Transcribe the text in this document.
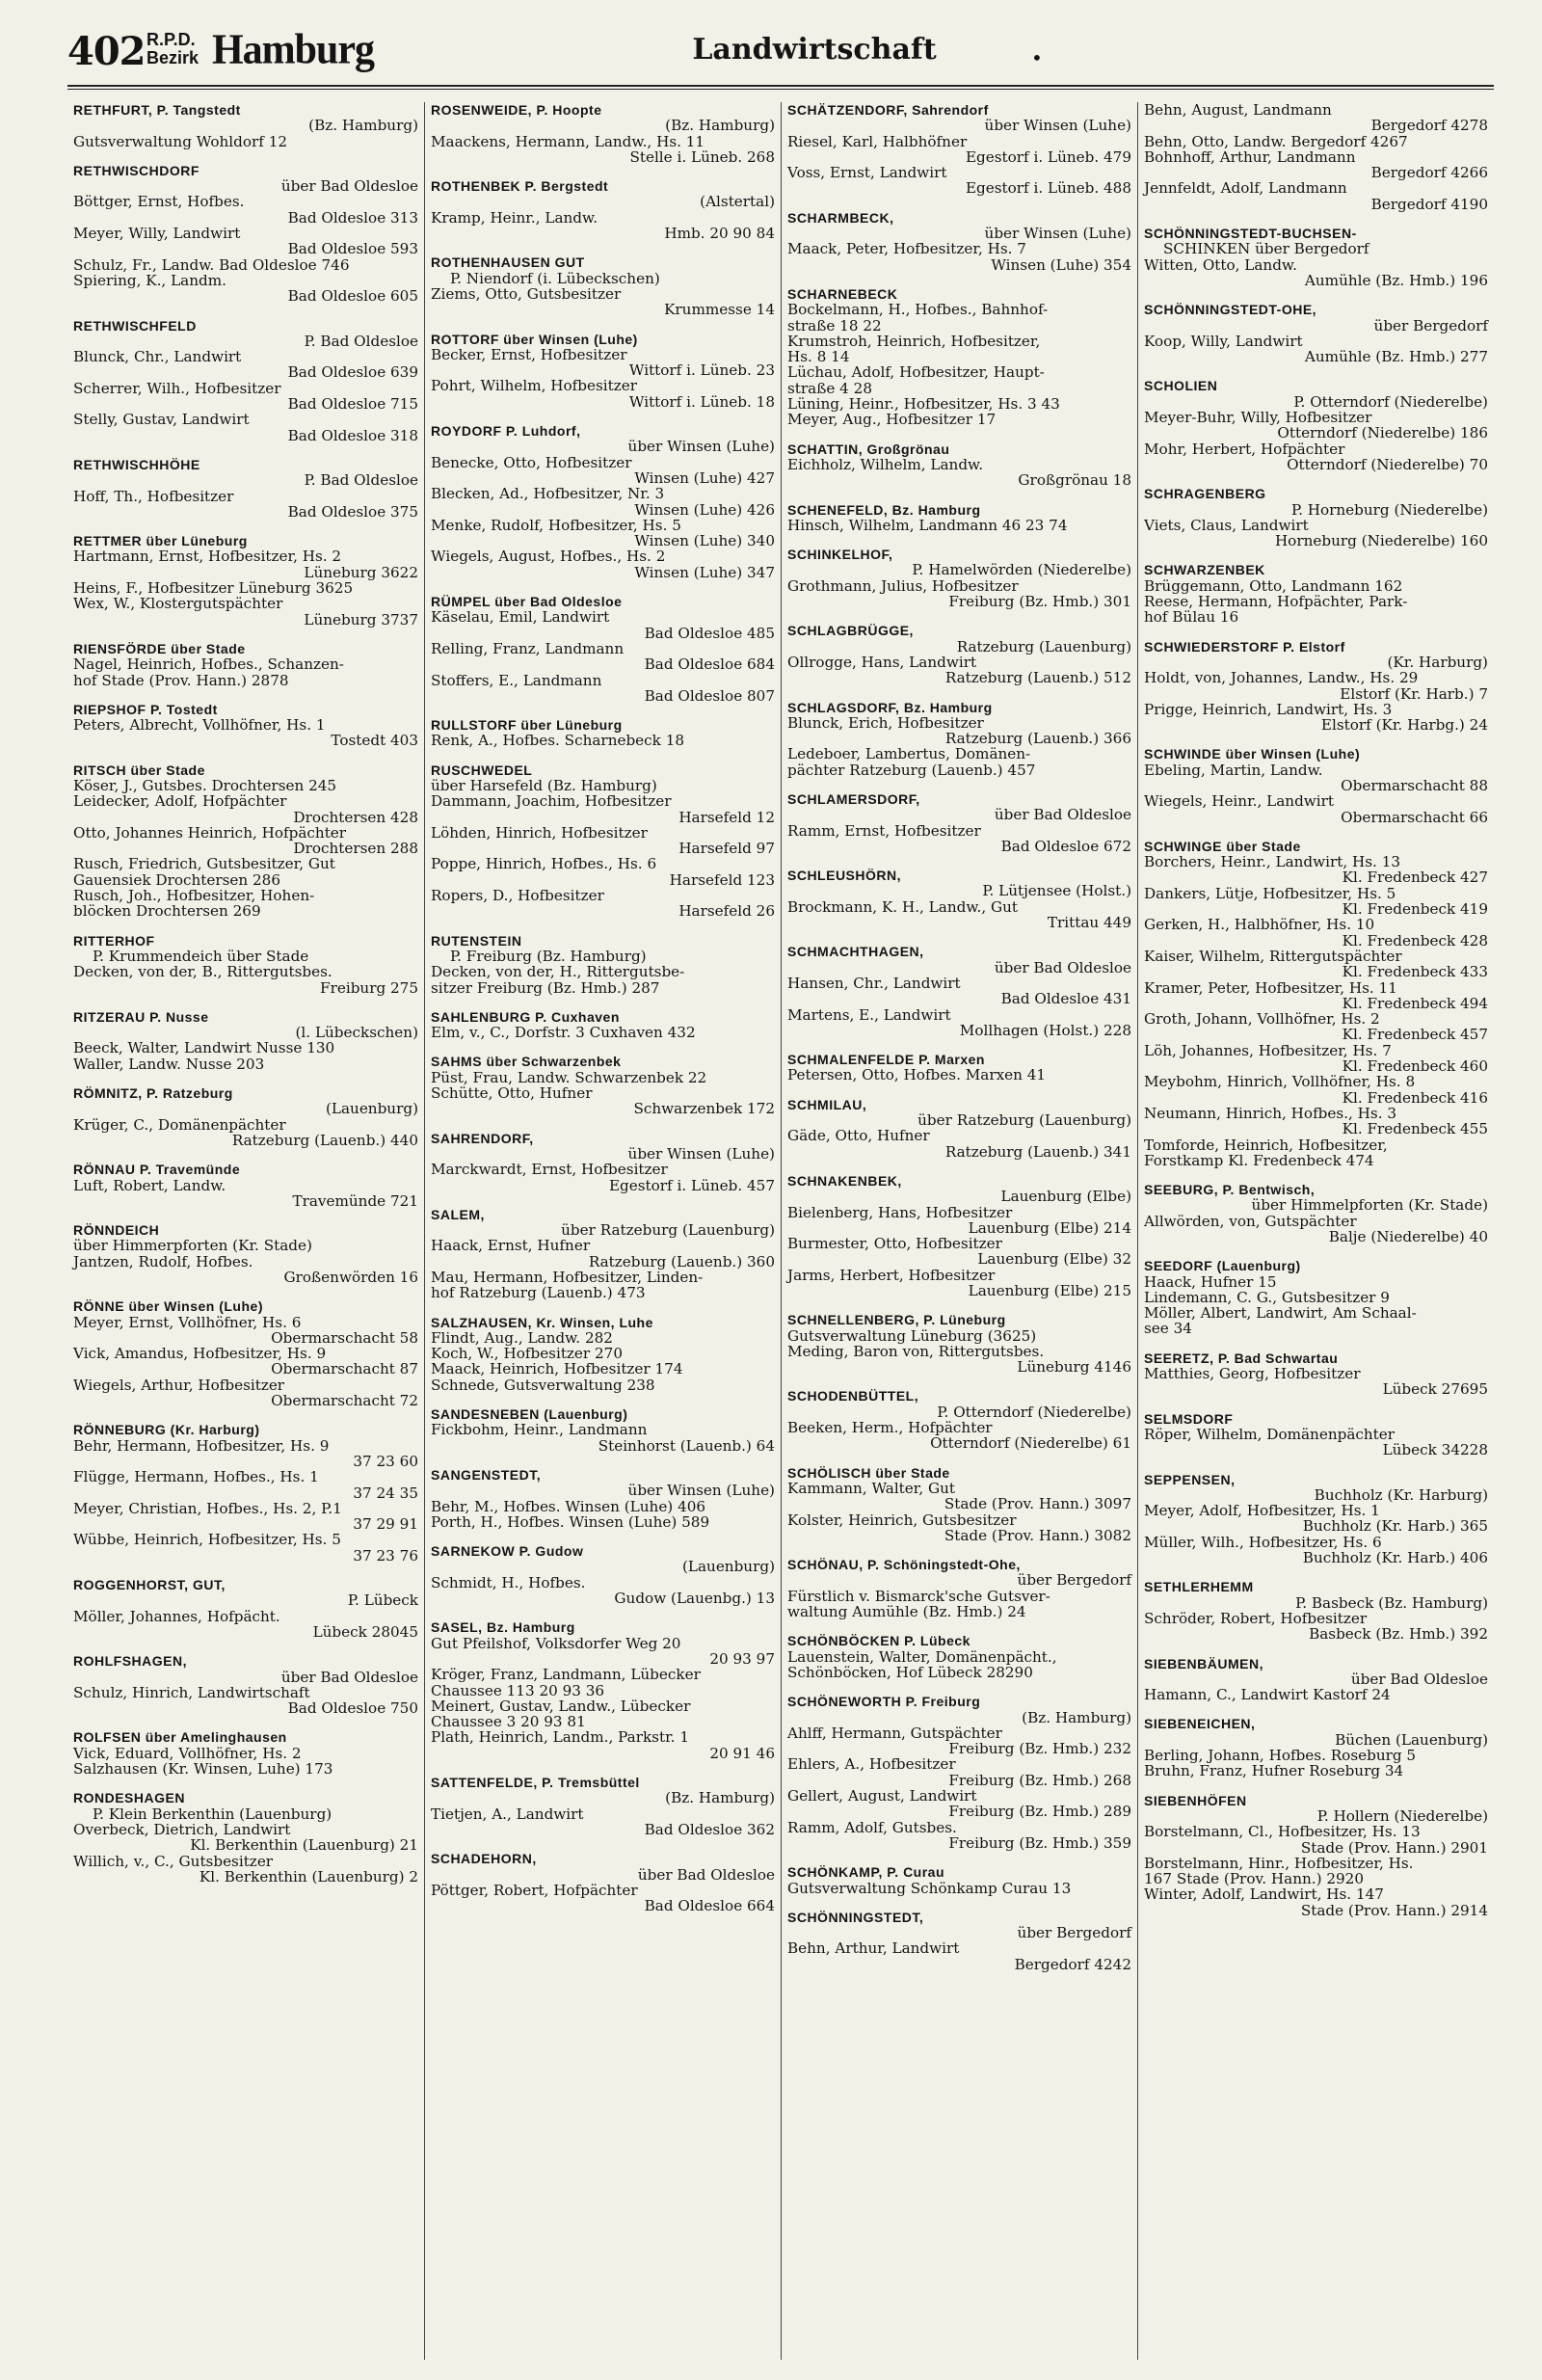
402 R.P.D.
Bezirk Hamburg	Landwirtschaft	•
RETHFURT, P. Tangstedt
(Bz. Hamburg)
Gutsverwaltung Wohldorf 12
RETHWISCHDORF
über Bad Oldesloe
Böttger, Ernst, Hofbes.
Bad Oldesloe 313
Meyer, Willy, Landwirt
Bad Oldesloe 593
Schulz, Fr., Landw. Bad Oldesloe 746
Spiering, K., Landm.
Bad Oldesloe 605
RETHWISCHFELD
P. Bad Oldesloe
Blunck, Chr., Landwirt
Bad Oldesloe 639
Scherrer, Wilh., Hofbesitzer
Bad Oldesloe 715
Stelly, Gustav, Landwirt
Bad Oldesloe 318
RETHWISCHHÖHE
P. Bad Oldesloe
Hoff, Th., Hofbesitzer
Bad Oldesloe 375
RETTMER über Lüneburg
Hartmann, Ernst, Hofbesitzer, Hs. 2
Lüneburg 3622
Heins, F., Hofbesitzer Lüneburg 3625
Wex, W., Klostergutspächter
Lüneburg 3737
RIENSFÖRDE über Stade
Nagel, Heinrich, Hofbes., Schanzen-
hof Stade (Prov. Hann.) 2878
RIEPSHOF P. Tostedt
Peters, Albrecht, Vollhöfner, Hs. 1
Tostedt 403
RITSCH über Stade
Köser, J., Gutsbes. Drochtersen 245
Leidecker, Adolf, Hofpächter
Drochtersen 428
Otto, Johannes Heinrich, Hofpächter
Drochtersen 288
Rusch, Friedrich, Gutsbesitzer, Gut
Gauensiek Drochtersen 286
Rusch, Joh., Hofbesitzer, Hohen-
blöcken Drochtersen 269
RITTERHOF
P. Krummendeich über Stade
Decken, von der, B., Rittergutsbes.
Freiburg 275
RITZERAU P. Nusse
(l. Lübeckschen)
Beeck, Walter, Landwirt Nusse 130
Waller, Landw. Nusse 203
RÖMNITZ, P. Ratzeburg
(Lauenburg)
Krüger, C., Domänenpächter
Ratzeburg (Lauenb.) 440
RÖNNAU P. Travemünde
Luft, Robert, Landw.
Travemünde 721
RÖNNDEICH
über Himmerpforten (Kr. Stade)
Jantzen, Rudolf, Hofbes.
Großenwörden 16
RÖNNE über Winsen (Luhe)
Meyer, Ernst, Vollhöfner, Hs. 6
Obermarschacht 58
Vick, Amandus, Hofbesitzer, Hs. 9
Obermarschacht 87
Wiegels, Arthur, Hofbesitzer
Obermarschacht 72
RÖNNEBURG (Kr. Harburg)
Behr, Hermann, Hofbesitzer, Hs. 9
37 23 60
Flügge, Hermann, Hofbes., Hs. 1
37 24 35
Meyer, Christian, Hofbes., Hs. 2, P.1
37 29 91
Wübbe, Heinrich, Hofbesitzer, Hs. 5
37 23 76
ROGGENHORST, GUT,
P. Lübeck
Möller, Johannes, Hofpächt.
Lübeck 28045
ROHLFSHAGEN,
über Bad Oldesloe
Schulz, Hinrich, Landwirtschaft
Bad Oldesloe 750
ROLFSEN über Amelinghausen
Vick, Eduard, Vollhöfner, Hs. 2
Salzhausen (Kr. Winsen, Luhe) 173
RONDESHAGEN
P. Klein Berkenthin (Lauenburg)
Overbeck, Dietrich, Landwirt
Kl. Berkenthin (Lauenburg) 21
Willich, v., C., Gutsbesitzer
Kl. Berkenthin (Lauenburg) 2
ROSENWEIDE, P. Hoopte
(Bz. Hamburg)
Maackens, Hermann, Landw., Hs. 11
Stelle i. Lüneb. 268
ROTHENBEK P. Bergstedt
(Alstertal)
Kramp, Heinr., Landw.
Hmb. 20 90 84
ROTHENHAUSEN GUT
P. Niendorf (i. Lübeckschen)
Ziems, Otto, Gutsbesitzer
Krummesse 14
ROTTORF über Winsen (Luhe)
Becker, Ernst, Hofbesitzer
Wittorf i. Lüneb. 23
Pohrt, Wilhelm, Hofbesitzer
Wittorf i. Lüneb. 18
ROYDORF P. Luhdorf,
über Winsen (Luhe)
Benecke, Otto, Hofbesitzer
Winsen (Luhe) 427
Blecken, Ad., Hofbesitzer, Nr. 3
Winsen (Luhe) 426
Menke, Rudolf, Hofbesitzer, Hs. 5
Winsen (Luhe) 340
Wiegels, August, Hofbes., Hs. 2
Winsen (Luhe) 347
RÜMPEL über Bad Oldesloe
Käselau, Emil, Landwirt
Bad Oldesloe 485
Relling, Franz, Landmann
Bad Oldesloe 684
Stoffers, E., Landmann
Bad Oldesloe 807
RULLSTORF über Lüneburg
Renk, A., Hofbes. Scharnebeck 18
RUSCHWEDEL
über Harsefeld (Bz. Hamburg)
Dammann, Joachim, Hofbesitzer
Harsefeld 12
Löhden, Hinrich, Hofbesitzer
Harsefeld 97
Poppe, Hinrich, Hofbes., Hs. 6
Harsefeld 123
Ropers, D., Hofbesitzer
Harsefeld 26
RUTENSTEIN
P. Freiburg (Bz. Hamburg)
Decken, von der, H., Rittergutsbe-
sitzer Freiburg (Bz. Hmb.) 287
SAHLENBURG P. Cuxhaven
Elm, v., C., Dorfstr. 3 Cuxhaven 432
SAHMS über Schwarzenbek
Püst, Frau, Landw. Schwarzenbek 22
Schütte, Otto, Hufner
Schwarzenbek 172
SAHRENDORF,
über Winsen (Luhe)
Marckwardt, Ernst, Hofbesitzer
Egestorf i. Lüneb. 457
SALEM,
über Ratzeburg (Lauenburg)
Haack, Ernst, Hufner
Ratzeburg (Lauenb.) 360
Mau, Hermann, Hofbesitzer, Linden-
hof Ratzeburg (Lauenb.) 473
SALZHAUSEN, Kr. Winsen, Luhe
Flindt, Aug., Landw. 282
Koch, W., Hofbesitzer 270
Maack, Heinrich, Hofbesitzer 174
Schnede, Gutsverwaltung 238
SANDESNEBEN (Lauenburg)
Fickbohm, Heinr., Landmann
Steinhorst (Lauenb.) 64
SANGENSTEDT,
über Winsen (Luhe)
Behr, M., Hofbes. Winsen (Luhe) 406
Porth, H., Hofbes. Winsen (Luhe) 589
SARNEKOW P. Gudow
(Lauenburg)
Schmidt, H., Hofbes.
Gudow (Lauenbg.) 13
SASEL, Bz. Hamburg
Gut Pfeilshof, Volksdorfer Weg 20
20 93 97
Kröger, Franz, Landmann, Lübecker
Chaussee 113 20 93 36
Meinert, Gustav, Landw., Lübecker
Chaussee 3 20 93 81
Plath, Heinrich, Landm., Parkstr. 1
20 91 46
SATTENFELDE, P. Tremsbüttel
(Bz. Hamburg)
Tietjen, A., Landwirt
Bad Oldesloe 362
SCHADEHORN,
über Bad Oldesloe
Pöttger, Robert, Hofpächter
Bad Oldesloe 664
SCHÄTZENDORF, Sahrendorf
über Winsen (Luhe)
Riesel, Karl, Halbhöfner
Egestorf i. Lüneb. 479
Voss, Ernst, Landwirt
Egestorf i. Lüneb. 488
SCHARMBECK,
über Winsen (Luhe)
Maack, Peter, Hofbesitzer, Hs. 7
Winsen (Luhe) 354
SCHARNEBECK
Bockelmann, H., Hofbes., Bahnhof-
straße 18 22
Krumstroh, Heinrich, Hofbesitzer,
Hs. 8 14
Lüchau, Adolf, Hofbesitzer, Haupt-
straße 4 28
Lüning, Heinr., Hofbesitzer, Hs. 3 43
Meyer, Aug., Hofbesitzer 17
SCHATTIN, Großgrönau
Eichholz, Wilhelm, Landw.
Großgrönau 18
SCHENEFELD, Bz. Hamburg
Hinsch, Wilhelm, Landmann 46 23 74
SCHINKELHOF,
P. Hamelwörden (Niederelbe)
Grothmann, Julius, Hofbesitzer
Freiburg (Bz. Hmb.) 301
SCHLAGBRÜGGE,
Ratzeburg (Lauenburg)
Ollrogge, Hans, Landwirt
Ratzeburg (Lauenb.) 512
SCHLAGSDORF, Bz. Hamburg
Blunck, Erich, Hofbesitzer
Ratzeburg (Lauenb.) 366
Ledeboer, Lambertus, Domänen-
pächter Ratzeburg (Lauenb.) 457
SCHLAMERSDORF,
über Bad Oldesloe
Ramm, Ernst, Hofbesitzer
Bad Oldesloe 672
SCHLEUSHÖRN,
P. Lütjensee (Holst.)
Brockmann, K. H., Landw., Gut
Trittau 449
SCHMACHTHAGEN,
über Bad Oldesloe
Hansen, Chr., Landwirt
Bad Oldesloe 431
Martens, E., Landwirt
Mollhagen (Holst.) 228
SCHMALENFELDE P. Marxen
Petersen, Otto, Hofbes. Marxen 41
SCHMILAU,
über Ratzeburg (Lauenburg)
Gäde, Otto, Hufner
Ratzeburg (Lauenb.) 341
SCHNAKENBEK,
Lauenburg (Elbe)
Bielenberg, Hans, Hofbesitzer
Lauenburg (Elbe) 214
Burmester, Otto, Hofbesitzer
Lauenburg (Elbe) 32
Jarms, Herbert, Hofbesitzer
Lauenburg (Elbe) 215
SCHNELLENBERG, P. Lüneburg
Gutsverwaltung Lüneburg (3625)
Meding, Baron von, Rittergutsbes.
Lüneburg 4146
SCHODENBÜTTEL,
P. Otterndorf (Niederelbe)
Beeken, Herm., Hofpächter
Otterndorf (Niederelbe) 61
SCHÖLISCH über Stade
Kammann, Walter, Gut
Stade (Prov. Hann.) 3097
Kolster, Heinrich, Gutsbesitzer
Stade (Prov. Hann.) 3082
SCHÖNAU, P. Schöningstedt-Ohe,
über Bergedorf
Fürstlich v. Bismarck'sche Gutsver-
waltung Aumühle (Bz. Hmb.) 24
SCHÖNBÖCKEN P. Lübeck
Lauenstein, Walter, Domänenpächt.,
Schönböcken, Hof Lübeck 28290
SCHÖNEWORTH P. Freiburg
(Bz. Hamburg)
Ahlff, Hermann, Gutspächter
Freiburg (Bz. Hmb.) 232
Ehlers, A., Hofbesitzer
Freiburg (Bz. Hmb.) 268
Gellert, August, Landwirt
Freiburg (Bz. Hmb.) 289
Ramm, Adolf, Gutsbes.
Freiburg (Bz. Hmb.) 359
SCHÖNKAMP, P. Curau
Gutsverwaltung Schönkamp Curau 13
SCHÖNNINGSTEDT,
über Bergedorf
Behn, Arthur, Landwirt
Bergedorf 4242
Behn, August, Landmann
Bergedorf 4278
Behn, Otto, Landw. Bergedorf 4267
Bohnhoff, Arthur, Landmann
Bergedorf 4266
Jennfeldt, Adolf, Landmann
Bergedorf 4190
SCHÖNNINGSTEDT-BUCHSEN-
SCHINKEN über Bergedorf
Witten, Otto, Landw.
Aumühle (Bz. Hmb.) 196
SCHÖNNINGSTEDT-OHE,
über Bergedorf
Koop, Willy, Landwirt
Aumühle (Bz. Hmb.) 277
SCHOLIEN
P. Otterndorf (Niederelbe)
Meyer-Buhr, Willy, Hofbesitzer
Otterndorf (Niederelbe) 186
Mohr, Herbert, Hofpächter
Otterndorf (Niederelbe) 70
SCHRAGENBERG
P. Horneburg (Niederelbe)
Viets, Claus, Landwirt
Horneburg (Niederelbe) 160
SCHWARZENBEK
Brüggemann, Otto, Landmann 162
Reese, Hermann, Hofpächter, Park-
hof Bülau 16
SCHWIEDERSTORF P. Elstorf
(Kr. Harburg)
Holdt, von, Johannes, Landw., Hs. 29
Elstorf (Kr. Harb.) 7
Prigge, Heinrich, Landwirt, Hs. 3
Elstorf (Kr. Harbg.) 24
SCHWINDE über Winsen (Luhe)
Ebeling, Martin, Landw.
Obermarschacht 88
Wiegels, Heinr., Landwirt
Obermarschacht 66
SCHWINGE über Stade
Borchers, Heinr., Landwirt, Hs. 13
Kl. Fredenbeck 427
Dankers, Lütje, Hofbesitzer, Hs. 5
Kl. Fredenbeck 419
Gerken, H., Halbhöfner, Hs. 10
Kl. Fredenbeck 428
Kaiser, Wilhelm, Rittergutspächter
Kl. Fredenbeck 433
Kramer, Peter, Hofbesitzer, Hs. 11
Kl. Fredenbeck 494
Groth, Johann, Vollhöfner, Hs. 2
Kl. Fredenbeck 457
Löh, Johannes, Hofbesitzer, Hs. 7
Kl. Fredenbeck 460
Meybohm, Hinrich, Vollhöfner, Hs. 8
Kl. Fredenbeck 416
Neumann, Hinrich, Hofbes., Hs. 3
Kl. Fredenbeck 455
Tomforde, Heinrich, Hofbesitzer,
Forstkamp Kl. Fredenbeck 474
SEEBURG, P. Bentwisch,
über Himmelpforten (Kr. Stade)
Allwörden, von, Gutspächter
Balje (Niederelbe) 40
SEEDORF (Lauenburg)
Haack, Hufner 15
Lindemann, C. G., Gutsbesitzer 9
Möller, Albert, Landwirt, Am Schaal-
see 34
SEERETZ, P. Bad Schwartau
Matthies, Georg, Hofbesitzer
Lübeck 27695
SELMSDORF
Röper, Wilhelm, Domänenpächter
Lübeck 34228
SEPPENSEN,
Buchholz (Kr. Harburg)
Meyer, Adolf, Hofbesitzer, Hs. 1
Buchholz (Kr. Harb.) 365
Müller, Wilh., Hofbesitzer, Hs. 6
Buchholz (Kr. Harb.) 406
SETHLERHEMM
P. Basbeck (Bz. Hamburg)
Schröder, Robert, Hofbesitzer
Basbeck (Bz. Hmb.) 392
SIEBENBÄUMEN,
über Bad Oldesloe
Hamann, C., Landwirt Kastorf 24
SIEBENEICHEN,
Büchen (Lauenburg)
Berling, Johann, Hofbes. Roseburg 5
Bruhn, Franz, Hufner Roseburg 34
SIEBENHÖFEN
P. Hollern (Niederelbe)
Borstelmann, Cl., Hofbesitzer, Hs. 13
Stade (Prov. Hann.) 2901
Borstelmann, Hinr., Hofbesitzer, Hs.
167 Stade (Prov. Hann.) 2920
Winter, Adolf, Landwirt, Hs. 147
Stade (Prov. Hann.) 2914
